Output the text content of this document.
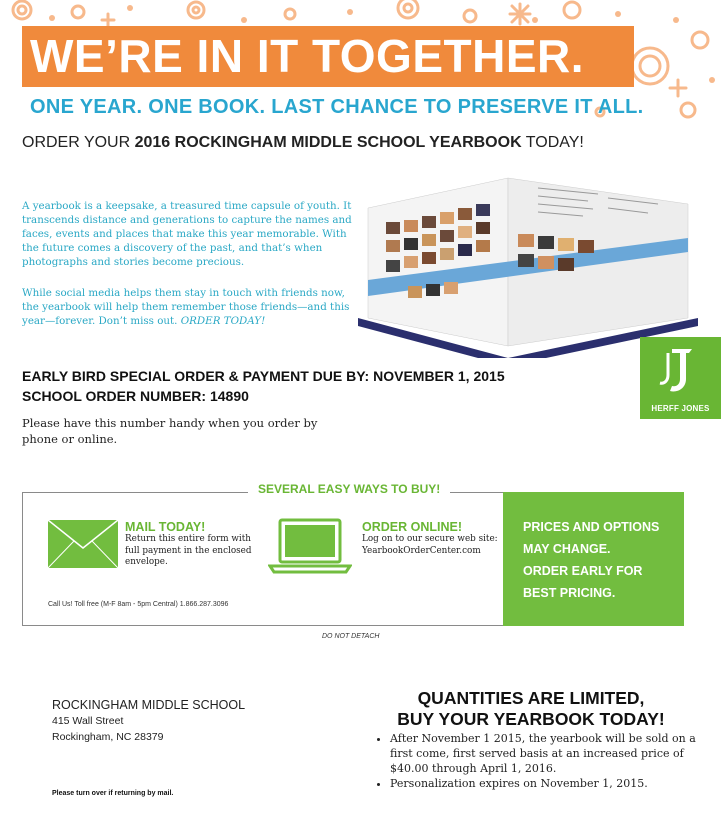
WE’RE IN IT TOGETHER.
ONE YEAR. ONE BOOK. LAST CHANCE TO PRESERVE IT ALL.
ORDER YOUR 2016 ROCKINGHAM MIDDLE SCHOOL YEARBOOK TODAY!
A yearbook is a keepsake, a treasured time capsule of youth. It transcends distance and generations to capture the names and faces, events and places that make this year memorable. With the future comes a discovery of the past, and that’s when photographs and stories become precious.
While social media helps them stay in touch with friends now, the yearbook will help them remember those friends—and this year—forever. Don’t miss out. ORDER TODAY!
HERFF JONES
EARLY BIRD SPECIAL ORDER & PAYMENT DUE BY: NOVEMBER 1, 2015
SCHOOL ORDER NUMBER: 14890
Please have this number handy when you order by phone or online.
SEVERAL EASY WAYS TO BUY!
MAIL TODAY!
Return this entire form with full payment in the enclosed envelope.
ORDER ONLINE!
Log on to our secure web site: YearbookOrderCenter.com
Call Us! Toll free (M-F 8am - 5pm Central) 1.866.287.3096
PRICES AND OPTIONS
MAY CHANGE.
ORDER EARLY FOR
BEST PRICING.
DO NOT DETACH
ROCKINGHAM MIDDLE SCHOOL
415 Wall Street
Rockingham, NC 28379
Please turn over if returning by mail.
QUANTITIES ARE LIMITED,
BUY YOUR YEARBOOK TODAY!
• After November 1 2015, the yearbook will be sold on a first come, first served basis at an increased price of $40.00 through April 1, 2016.
• Personalization expires on November 1, 2015.
